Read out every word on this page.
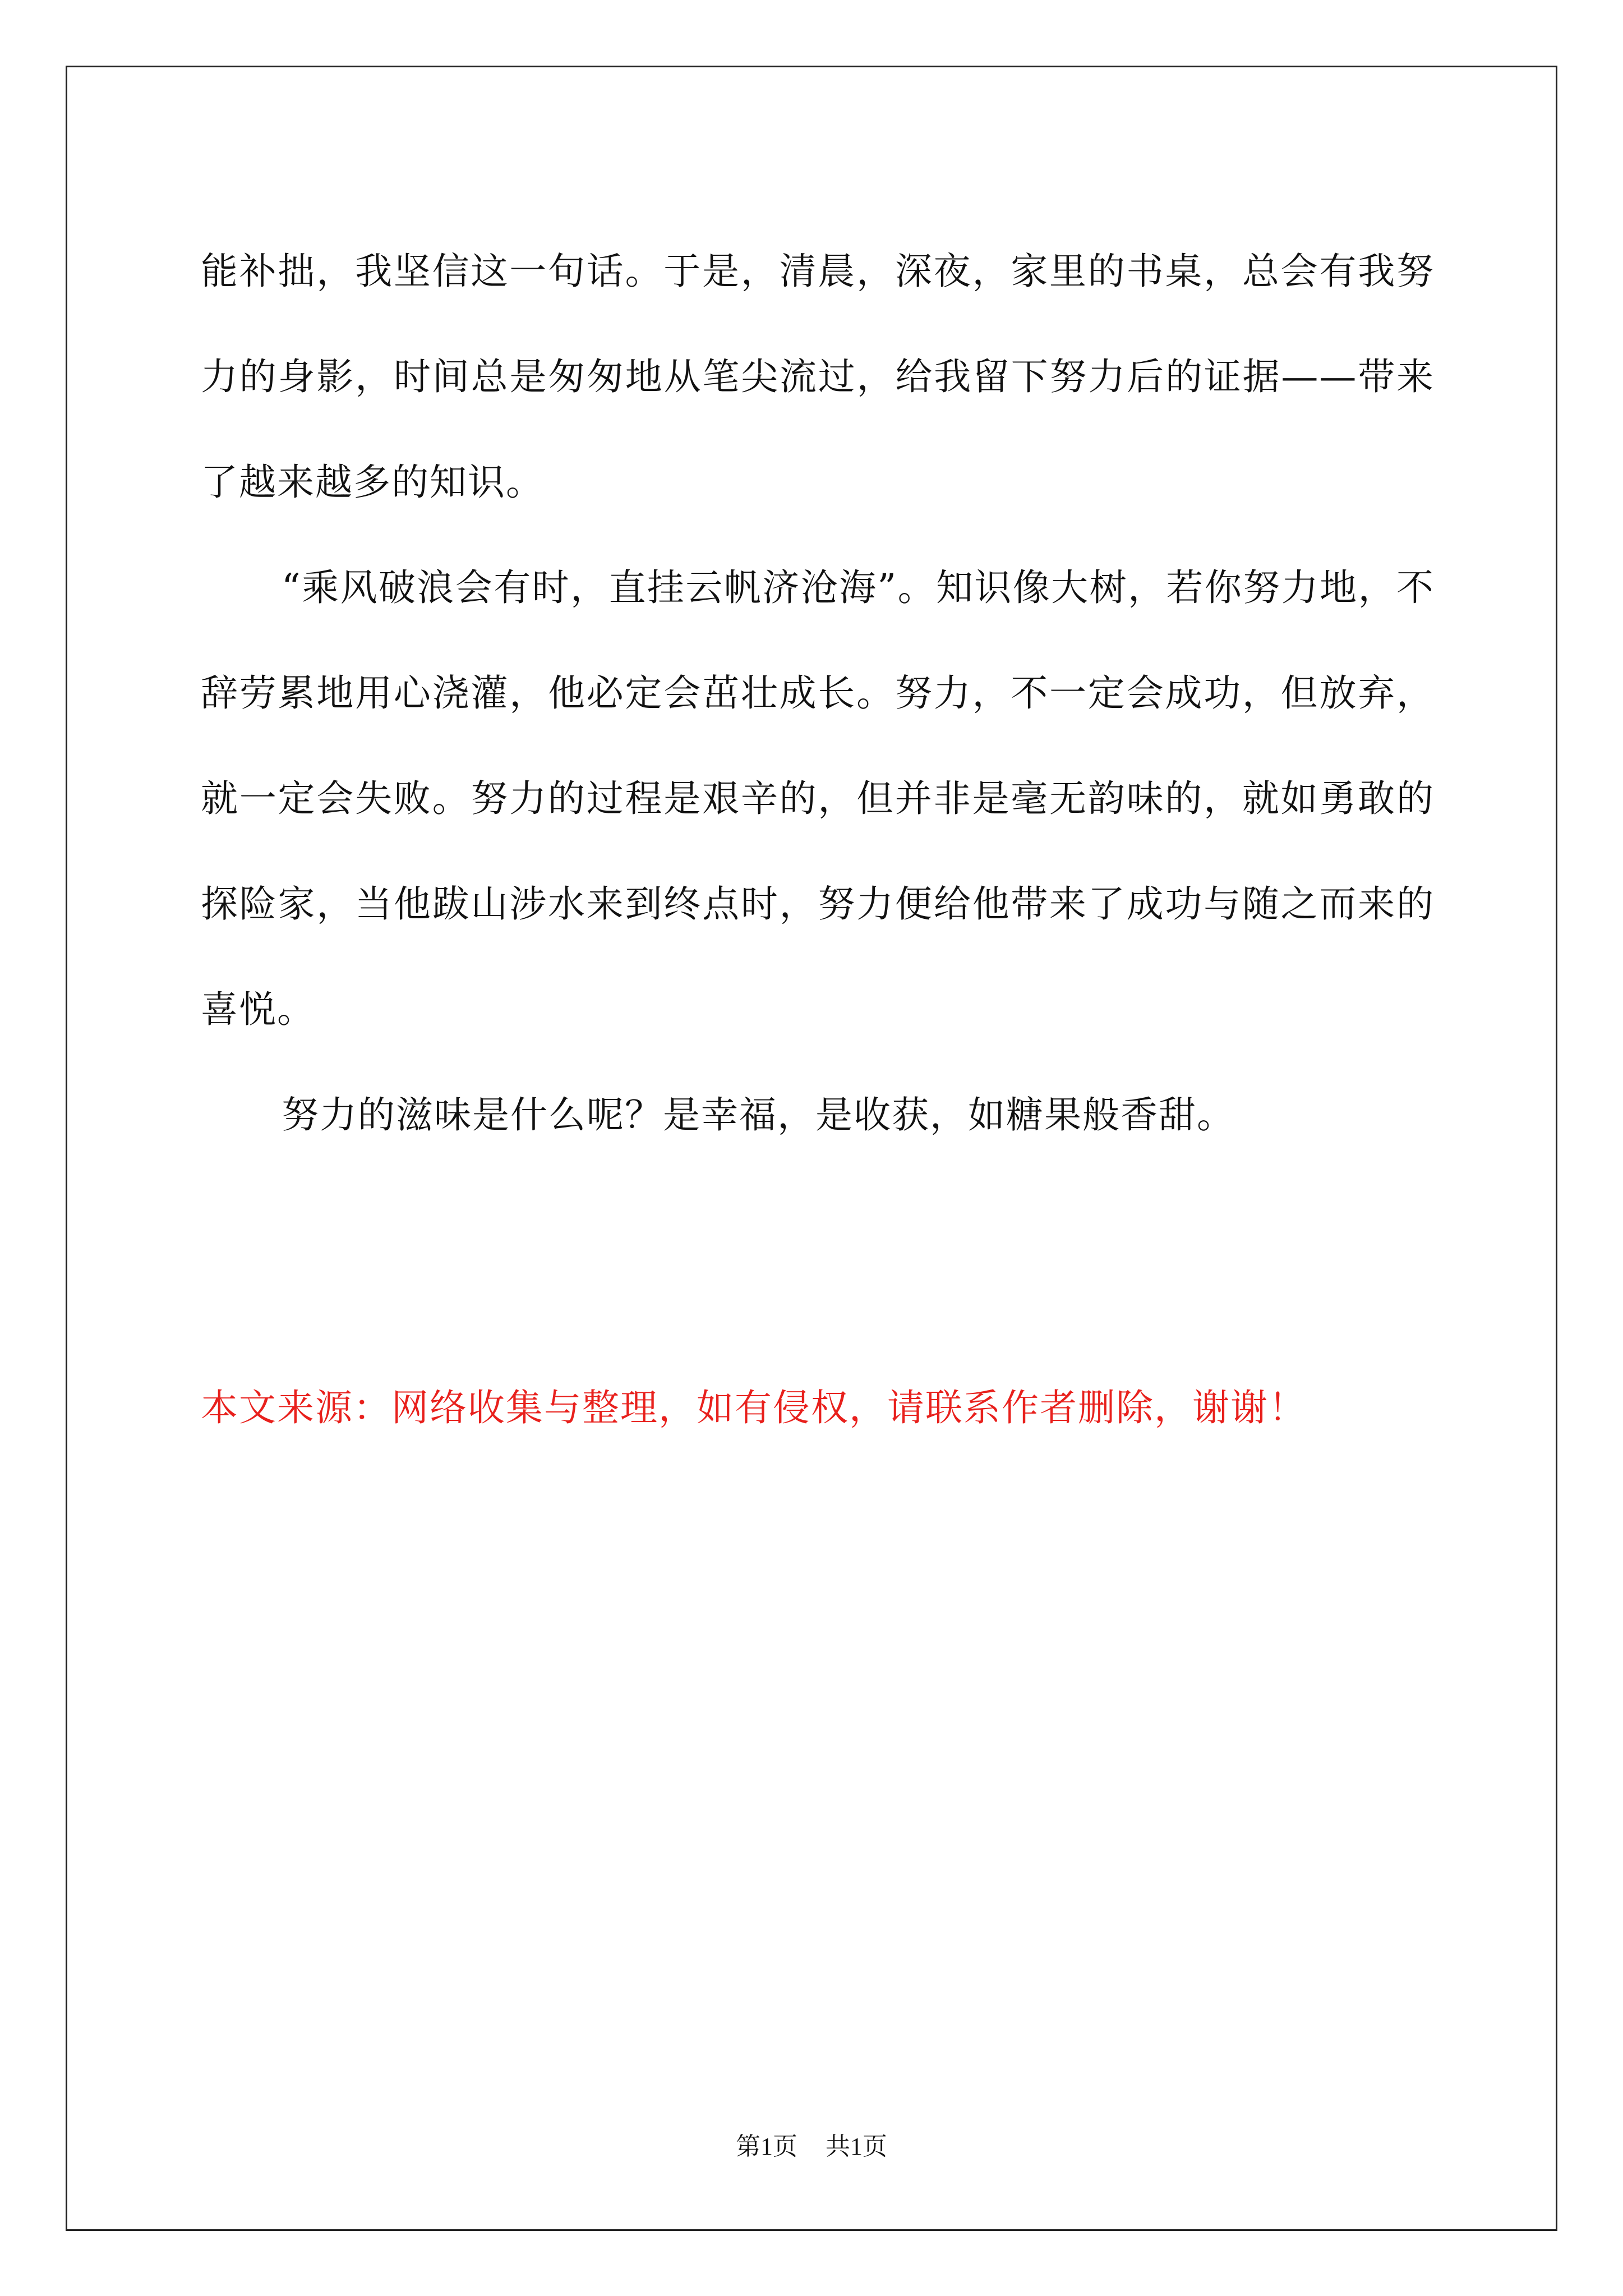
能补拙，我坚信这一句话。于是，清晨，深夜，家里的书桌，总会有我努力的身影，时间总是匆匆地从笔尖流过，给我留下努力后的证据——带来了越来越多的知识。

“乘风破浪会有时，直挂云帆济沧海”。知识像大树，若你努力地，不辞劳累地用心浇灌，他必定会茁壮成长。努力，不一定会成功，但放弃，就一定会失败。努力的过程是艰辛的，但并非是毫无韵味的，就如勇敢的探险家，当他跋山涉水来到终点时，努力便给他带来了成功与随之而来的喜悦。

努力的滋味是什么呢？是幸福，是收获，如糖果般香甜。

本文来源：网络收集与整理，如有侵权，请联系作者删除，谢谢！

第1页 共1页
